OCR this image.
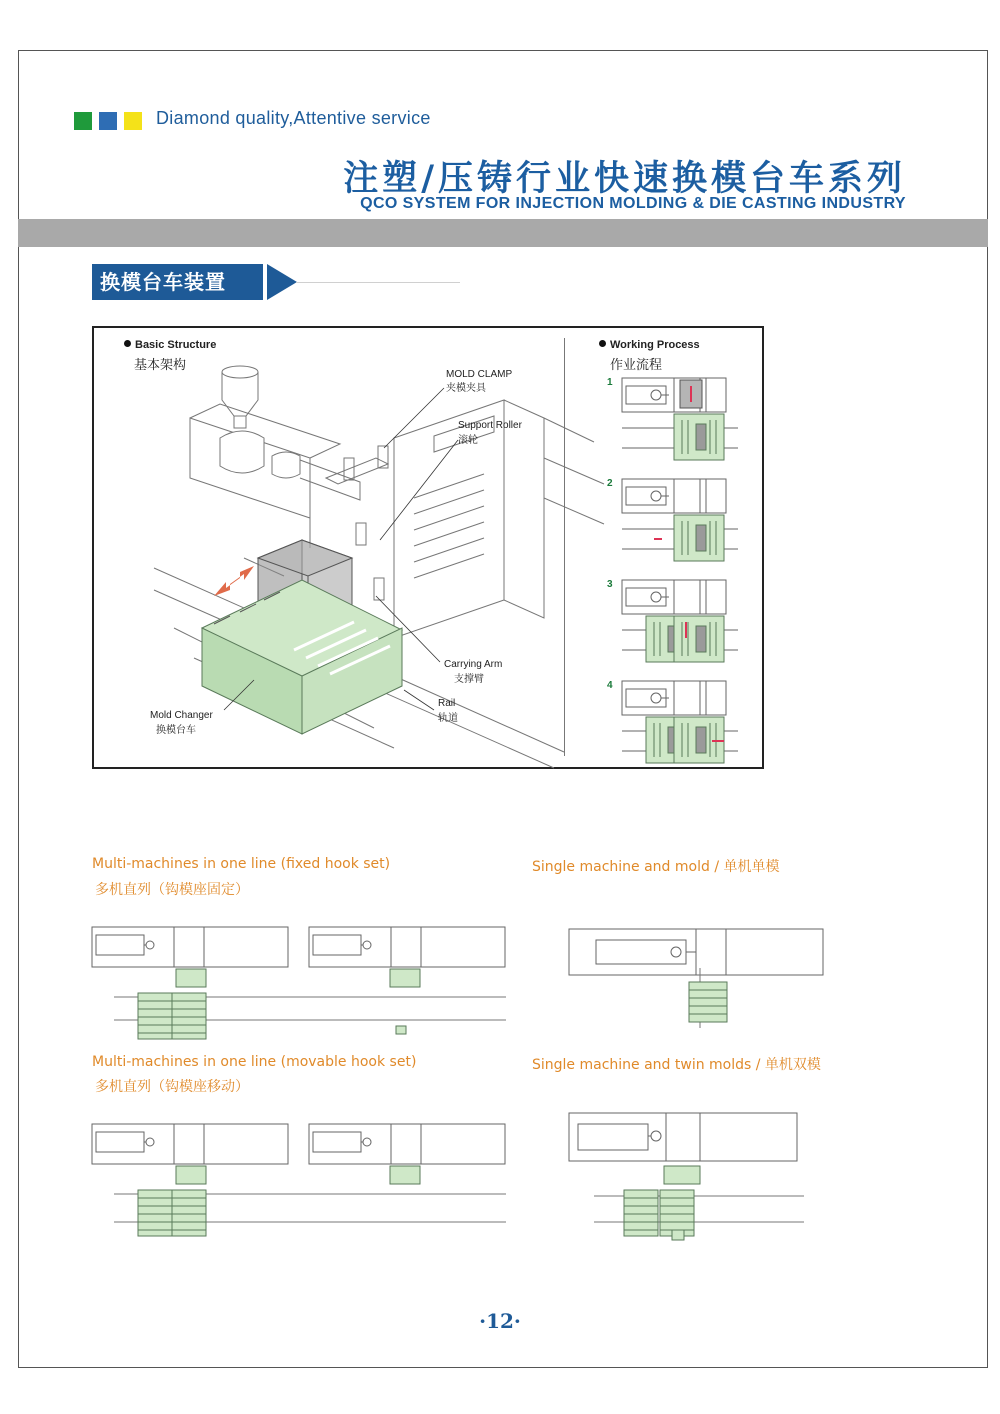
Diamond quality,Attentive service
注塑/压铸行业快速换模台车系列
QCO SYSTEM FOR INJECTION MOLDING & DIE CASTING INDUSTRY
换模台车装置
Basic Structure
基本架构
MOLD CLAMP
夹模夹具
Support Roller
滚轮
Carrying Arm
支撑臂
Rail
轨道
Mold Changer
换模台车
Working Process
作业流程
1
2
3
4
Multi-machines in one line (fixed hook set)
多机直列（钩模座固定）
Single machine and mold / 单机单模
Multi-machines in one line (movable hook set)
多机直列（钩模座移动）
Single machine and twin molds / 单机双模
·12·
